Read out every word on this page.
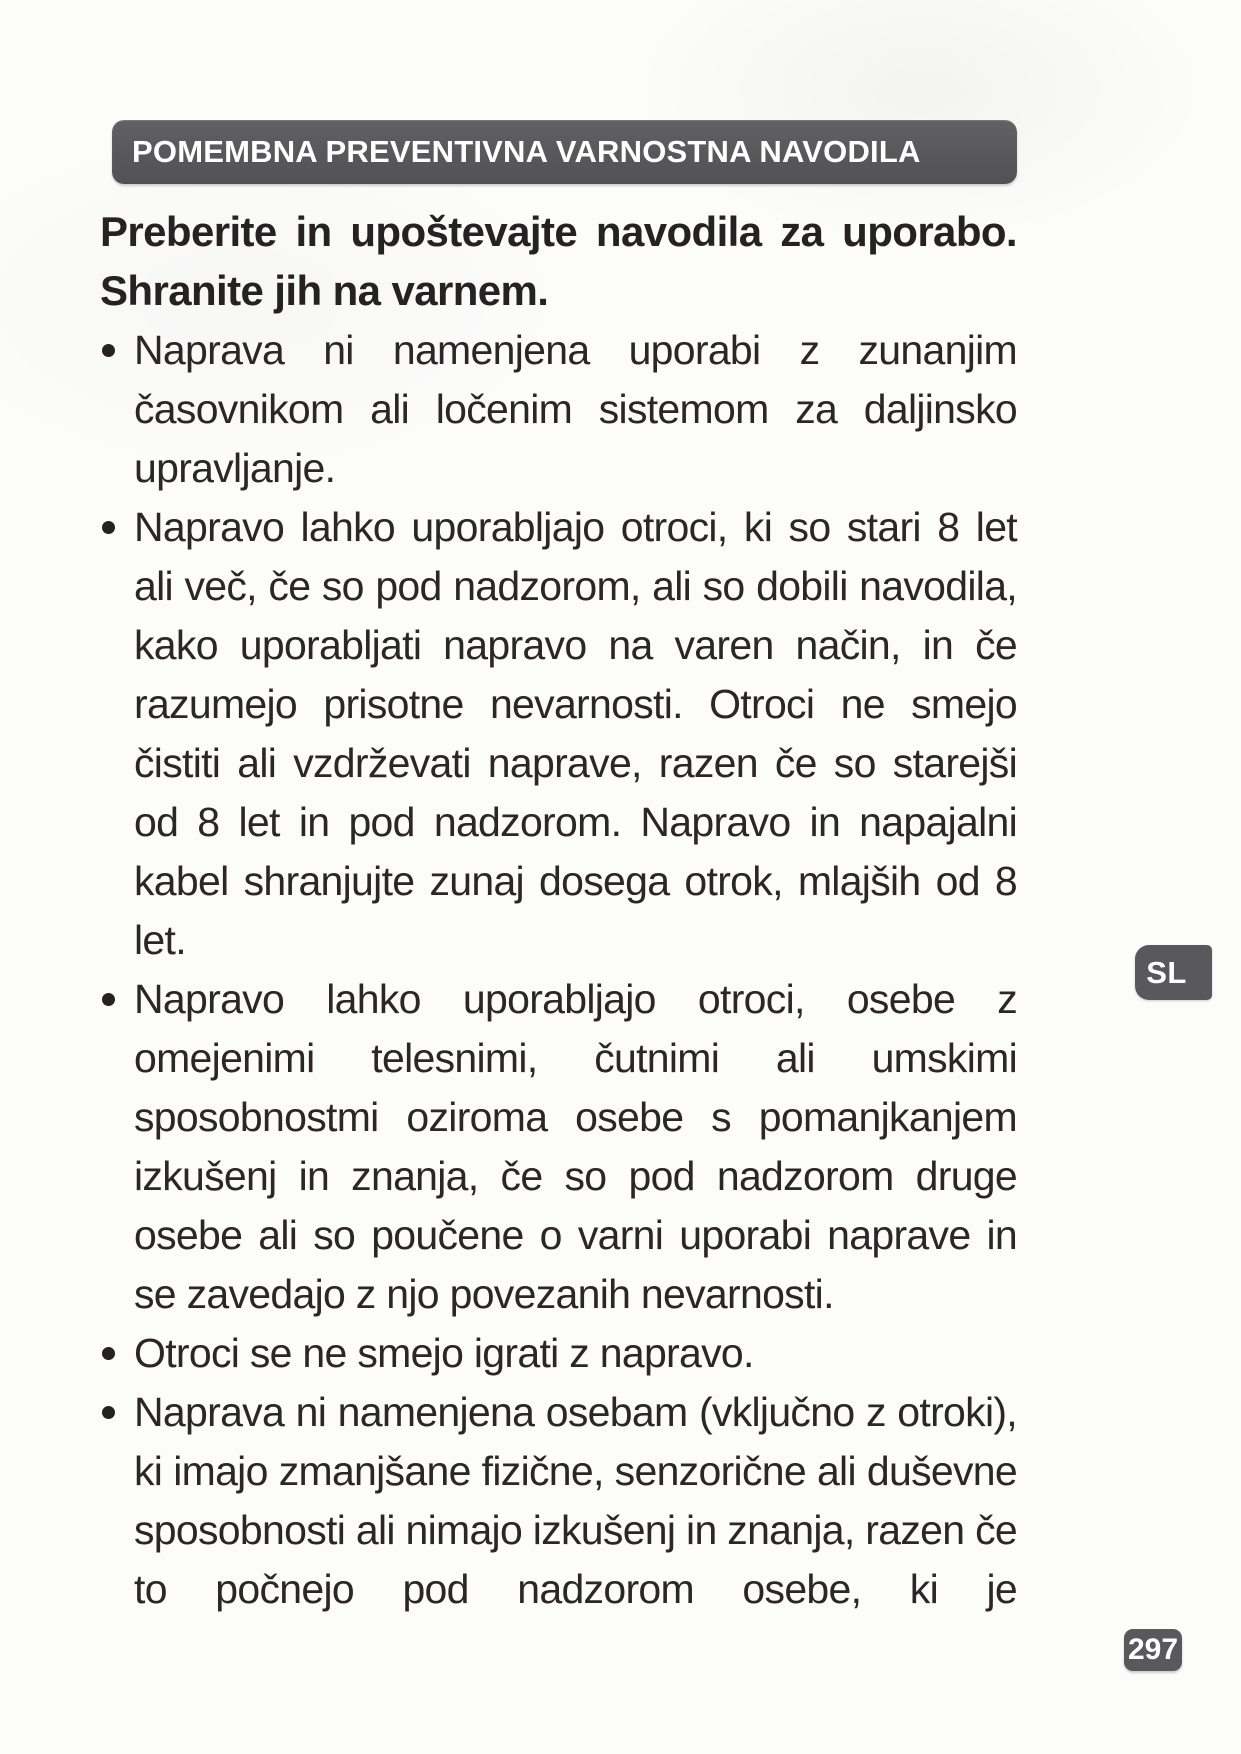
POMEMBNA PREVENTIVNA VARNOSTNA NAVODILA

Preberite in upoštevajte navodila za uporabo. Shranite jih na varnem.

Naprava ni namenjena uporabi z zunanjim časovnikom ali ločenim sistemom za daljinsko upravljanje.
Napravo lahko uporabljajo otroci, ki so stari 8 let ali več, če so pod nadzorom, ali so dobili navodila, kako uporabljati napravo na varen način, in če razumejo prisotne nevarnosti. Otroci ne smejo čistiti ali vzdrževati naprave, razen če so starejši od 8 let in pod nadzorom. Napravo in napajalni kabel shranjujte zunaj dosega otrok, mlajših od 8 let.
Napravo lahko uporabljajo otroci, osebe z omejenimi telesnimi, čutnimi ali umskimi sposobnostmi oziroma osebe s pomanjkanjem izkušenj in znanja, če so pod nadzorom druge osebe ali so poučene o varni uporabi naprave in se zavedajo z njo povezanih nevarnosti.
Otroci se ne smejo igrati z napravo.
Naprava ni namenjena osebam (vključno z otroki), ki imajo zmanjšane fizične, senzorične ali duševne sposobnosti ali nimajo izkušenj in znanja, razen če to počnejo pod nadzorom osebe, ki je
SL
297
